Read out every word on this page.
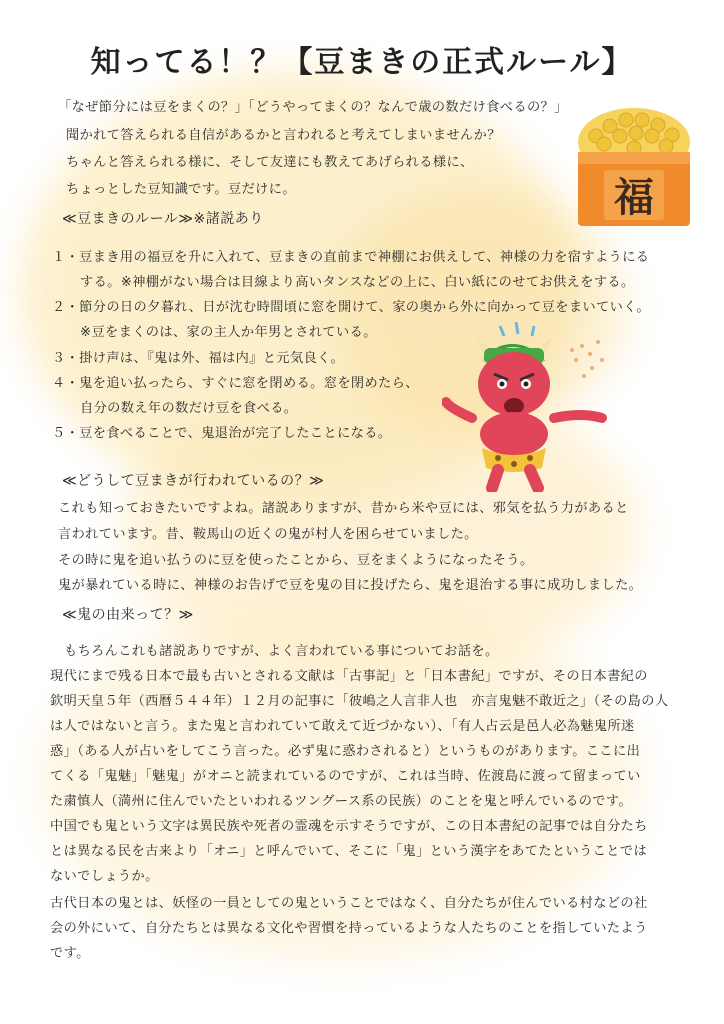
知ってる！？【豆まきの正式ルール】
「なぜ節分には豆をまくの？」「どうやってまくの？なんで歳の数だけ食べるの？」
聞かれて答えられる自信があるかと言われると考えてしまいませんか？
ちゃんと答えられる様に、そして友達にも教えてあげられる様に、
ちょっとした豆知識です。豆だけに。	福
≪豆まきのルール≫※諸説あり
１・豆まき用の福豆を升に入れて、豆まきの直前まで神棚にお供えして、神様の力を宿すようにる
する。※神棚がない場合は目線より高いタンスなどの上に、白い紙にのせてお供えをする。
２・節分の日の夕暮れ、日が沈む時間頃に窓を開けて、家の奥から外に向かって豆をまいていく。
※豆をまくのは、家の主人か年男とされている。
３・掛け声は、『鬼は外、福は内』と元気良く。
４・鬼を追い払ったら、すぐに窓を閉める。窓を閉めたら、
自分の数え年の数だけ豆を食べる。
５・豆を食べることで、鬼退治が完了したことになる。
≪どうして豆まきが行われているの？≫
これも知っておきたいですよね。諸説ありますが、昔から米や豆には、邪気を払う力があると
言われています。昔、鞍馬山の近くの鬼が村人を困らせていました。
その時に鬼を追い払うのに豆を使ったことから、豆をまくようになったそう。
鬼が暴れている時に、神様のお告げで豆を鬼の目に投げたら、鬼を退治する事に成功しました。
≪鬼の由来って？≫
もちろんこれも諸説ありですが、よく言われている事についてお話を。
現代にまで残る日本で最も古いとされる文献は「古事記」と「日本書紀」ですが、その日本書紀の
欽明天皇５年（西暦５４４年）１２月の記事に「彼嶋之人言非人也　亦言鬼魅不敢近之」（その島の人
は人ではないと言う。また鬼と言われていて敢えて近づかない）、「有人占云是邑人必為魅鬼所迷
惑」（ある人が占いをしてこう言った。必ず鬼に惑わされると）というものがあります。ここに出
てくる「鬼魅」「魅鬼」がオニと読まれているのですが、これは当時、佐渡島に渡って留まってい
た粛慎人（満州に住んでいたといわれるツングース系の民族）のことを鬼と呼んでいるのです。
中国でも鬼という文字は異民族や死者の霊魂を示すそうですが、この日本書紀の記事では自分たち
とは異なる民を古来より「オニ」と呼んでいて、そこに「鬼」という漢字をあてたということでは
ないでしょうか。
古代日本の鬼とは、妖怪の一員としての鬼ということではなく、自分たちが住んでいる村などの社
会の外にいて、自分たちとは異なる文化や習慣を持っているような人たちのことを指していたよう
です。
